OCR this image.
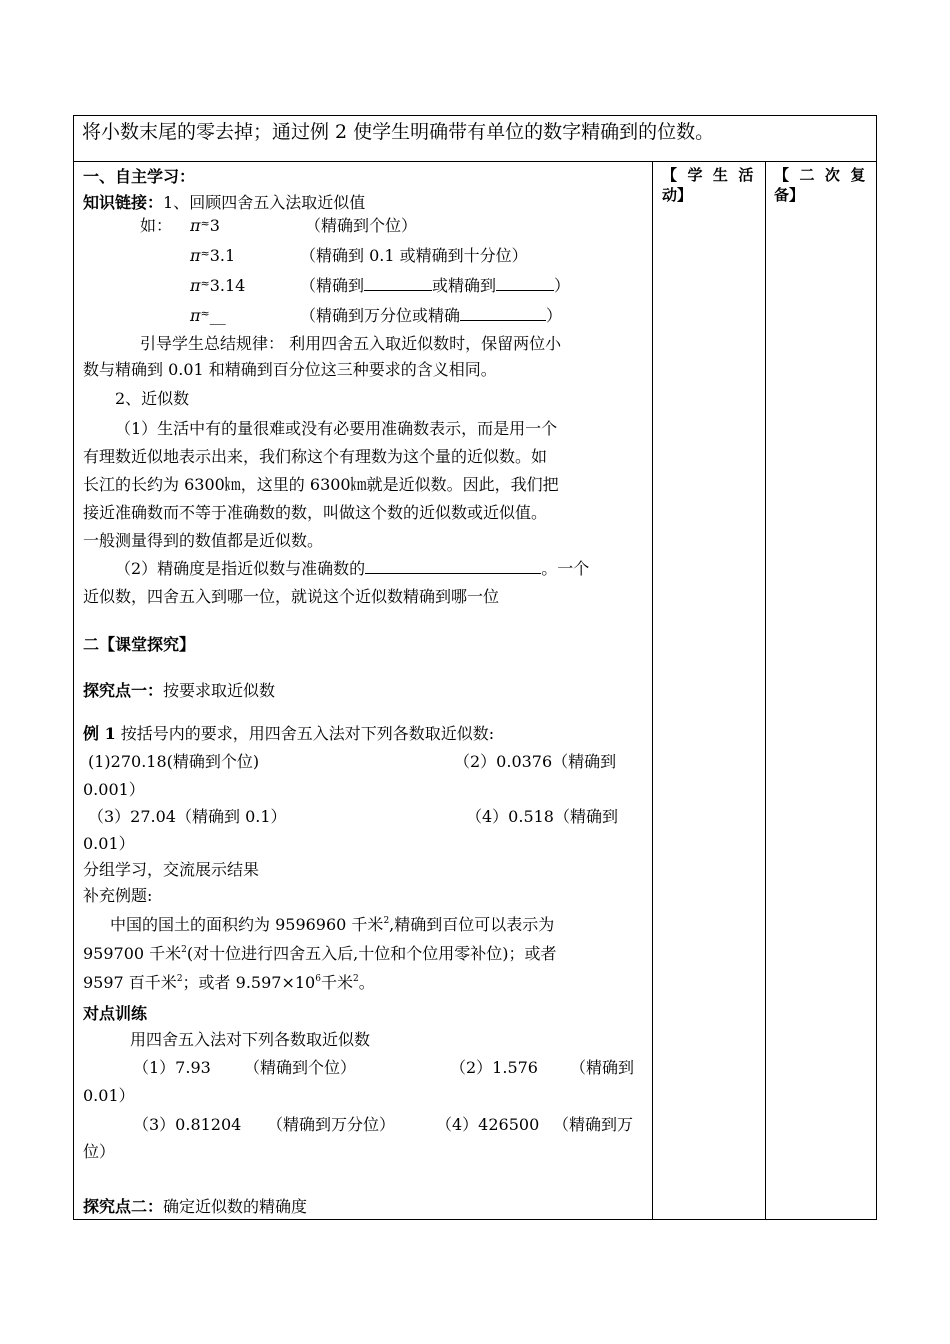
将小数末尾的零去掉；通过例 2 使学生明确带有单位的数字精确到的位数。
【  学  生  活
动】
【  二  次  复
备】
一、自主学习：
知识链接：1、回顾四舍五入法取近似值
如： π≈3	（精确到个位）
π≈3.1	（精确到 0.1 或精确到十分位）
π≈3.14	（精确到	或精确到	）
π≈__	（精确到万分位或精确	）
引导学生总结规律： 利用四舍五入取近似数时，保留两位小
数与精确到 0.01 和精确到百分位这三种要求的含义相同。
2、近似数
（1）生活中有的量很难或没有必要用准确数表示，而是用一个
有理数近似地表示出来，我们称这个有理数为这个量的近似数。如
长江的长约为 6300㎞，这里的 6300㎞就是近似数。因此，我们把
接近准确数而不等于准确数的数，叫做这个数的近似数或近似值。
一般测量得到的数值都是近似数。
（2）精确度是指近似数与准确数的	。一个
近似数，四舍五入到哪一位，就说这个近似数精确到哪一位
二【课堂探究】
探究点一：按要求取近似数
例 1 按括号内的要求，用四舍五入法对下列各数取近似数:
(1)270.18(精确到个位)	（2）0.0376（精确到
0.001）
（3）27.04（精确到 0.1）	（4）0.518（精确到
0.01）
分组学习，交流展示结果
补充例题:
中国的国土的面积约为 9596960 千米$^2$,精确到百位可以表示为
959700 千米$^2$(对十位进行四舍五入后,十位和个位用零补位)；或者
9597 百千米$^2$；或者 $9.597\times 10^6$千米$^2$。
对点训练
用四舍五入法对下列各数取近似数
（1）7.93 （精确到个位）	（2）1.576 （精确到
0.01）
（3）0.81204 （精确到万分位）	（4）426500 （精确到万
位）
探究点二：确定近似数的精确度
